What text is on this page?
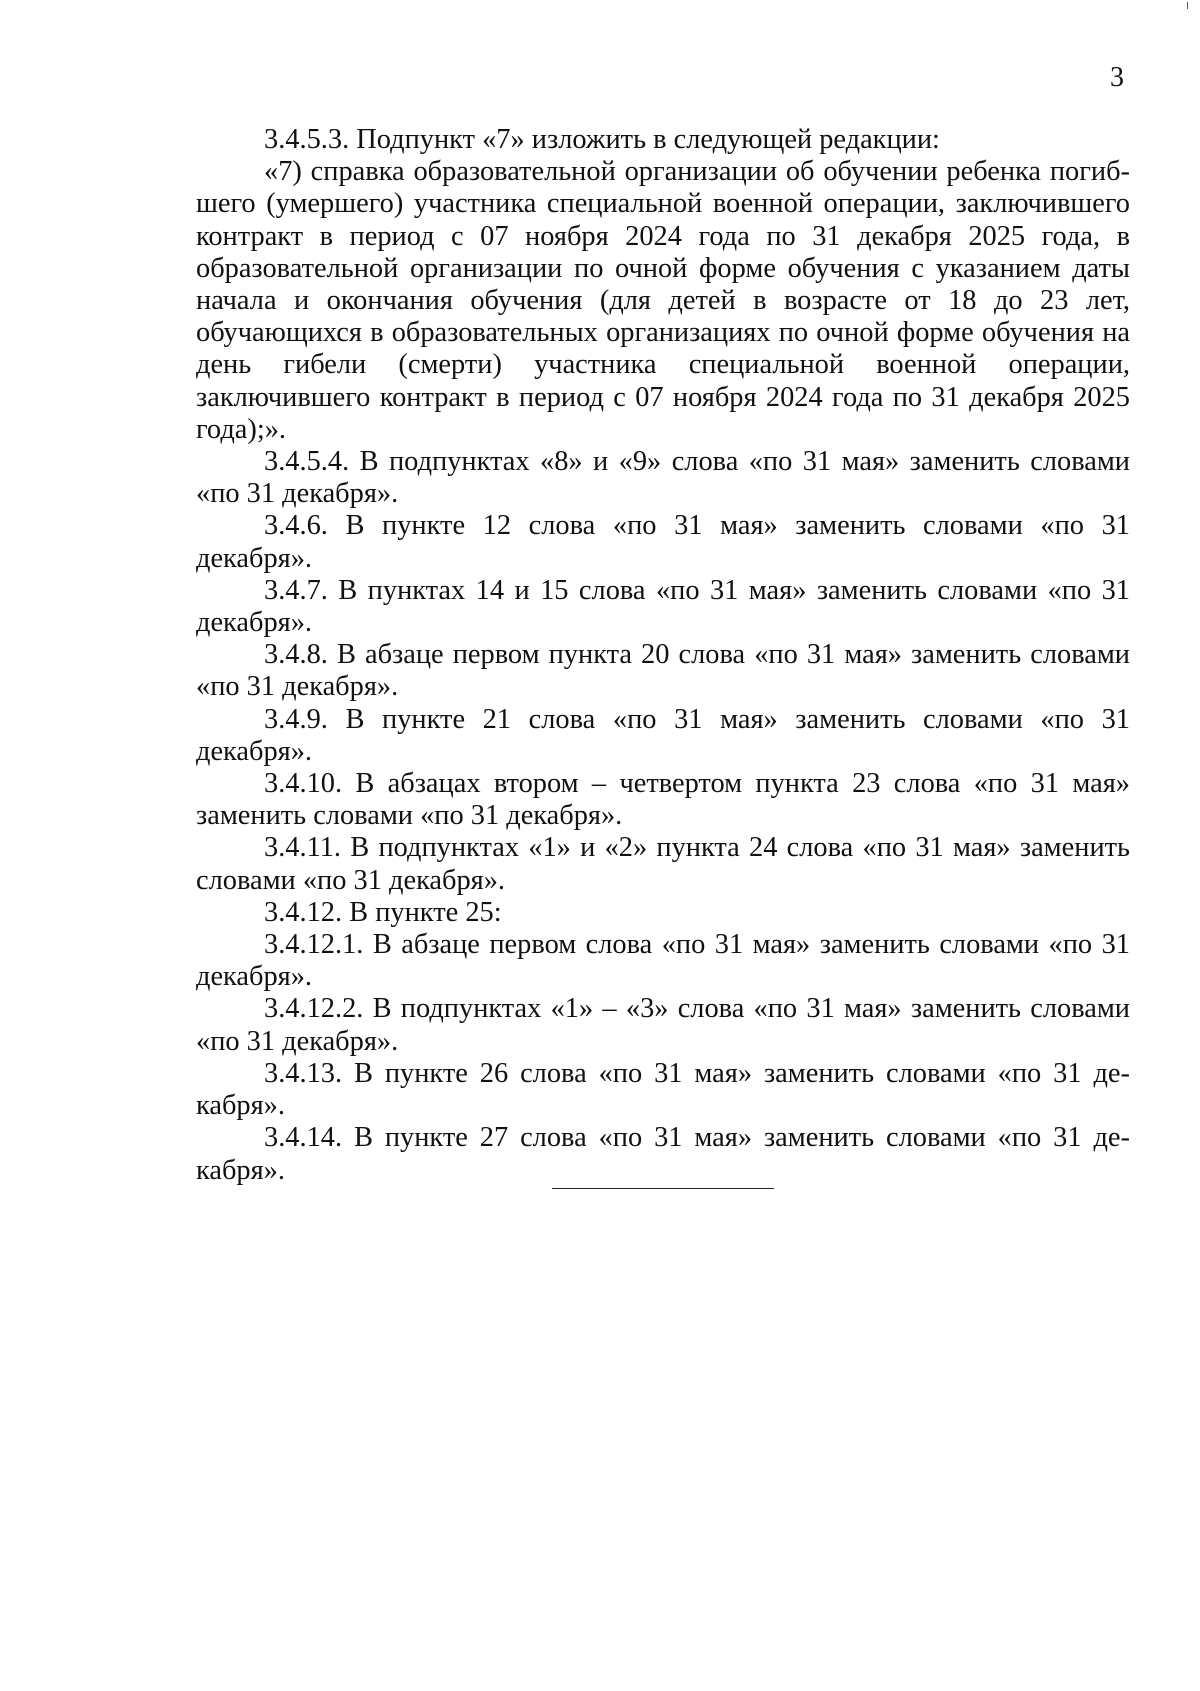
3

3.4.5.3. Подпункт «7» изложить в следующей редакции:

«7) справка образовательной организации об обучении ребенка погибшего (умершего) участника специальной военной операции, заключившего контракт в период с 07 ноября 2024 года по 31 декабря 2025 года, в образовательной организации по очной форме обучения с указанием даты начала и окончания обучения (для детей в возрасте от 18 до 23 лет, обучающихся в образовательных организациях по очной форме обучения на день гибели (смерти) участника специальной военной операции, заключившего контракт в период с 07 ноября 2024 года по 31 декабря 2025 года);».

3.4.5.4. В подпунктах «8» и «9» слова «по 31 мая» заменить словами «по 31 декабря».

3.4.6. В пункте 12 слова «по 31 мая» заменить словами «по 31 декабря».

3.4.7. В пунктах 14 и 15 слова «по 31 мая» заменить словами «по 31 декабря».

3.4.8. В абзаце первом пункта 20 слова «по 31 мая» заменить словами «по 31 декабря».

3.4.9. В пункте 21 слова «по 31 мая» заменить словами «по 31 декабря».

3.4.10. В абзацах втором – четвертом пункта 23 слова «по 31 мая» заменить словами «по 31 декабря».

3.4.11. В подпунктах «1» и «2» пункта 24 слова «по 31 мая» заменить словами «по 31 декабря».

3.4.12. В пункте 25:

3.4.12.1. В абзаце первом слова «по 31 мая» заменить словами «по 31 декабря».

3.4.12.2. В подпунктах «1» – «3» слова «по 31 мая» заменить словами «по 31 декабря».

3.4.13. В пункте 26 слова «по 31 мая» заменить словами «по 31 декабря».

3.4.14. В пункте 27 слова «по 31 мая» заменить словами «по 31 декабря».
